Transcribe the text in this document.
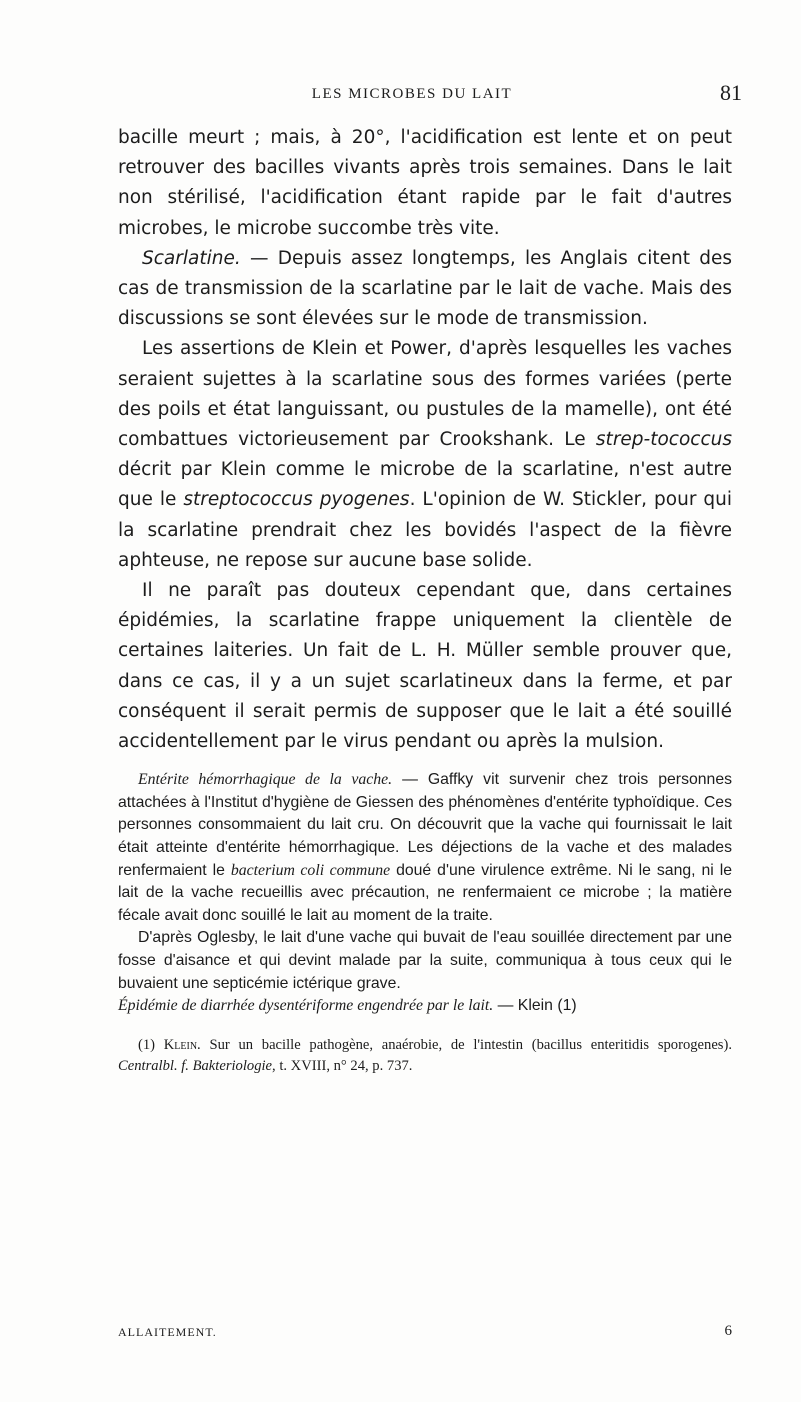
LES MICROBES DU LAIT	81

bacille meurt ; mais, à 20°, l'acidification est lente et on peut retrouver des bacilles vivants après trois semaines. Dans le lait non stérilisé, l'acidification étant rapide par le fait d'autres microbes, le microbe succombe très vite.

Scarlatine. — Depuis assez longtemps, les Anglais citent des cas de transmission de la scarlatine par le lait de vache. Mais des discussions se sont élevées sur le mode de transmission.

Les assertions de Klein et Power, d'après lesquelles les vaches seraient sujettes à la scarlatine sous des formes variées (perte des poils et état languissant, ou pustules de la mamelle), ont été combattues victorieusement par Crookshank. Le strep-tococcus décrit par Klein comme le microbe de la scarlatine, n'est autre que le streptococcus pyogenes. L'opinion de W. Stickler, pour qui la scarlatine prendrait chez les bovidés l'aspect de la fièvre aphteuse, ne repose sur aucune base solide.

Il ne paraît pas douteux cependant que, dans certaines épidémies, la scarlatine frappe uniquement la clientèle de certaines laiteries. Un fait de L. H. Müller semble prouver que, dans ce cas, il y a un sujet scarlatineux dans la ferme, et par conséquent il serait permis de supposer que le lait a été souillé accidentellement par le virus pendant ou après la mulsion.

Entérite hémorrhagique de la vache. — Gaffky vit survenir chez trois personnes attachées à l'Institut d'hygiène de Giessen des phénomènes d'entérite typhoïdique. Ces personnes consommaient du lait cru. On découvrit que la vache qui fournissait le lait était atteinte d'entérite hémorrhagique. Les déjections de la vache et des malades renfermaient le bacterium coli commune doué d'une virulence extrême. Ni le sang, ni le lait de la vache recueillis avec précaution, ne renfermaient ce microbe ; la matière fécale avait donc souillé le lait au moment de la traite.

D'après Oglesby, le lait d'une vache qui buvait de l'eau souillée directement par une fosse d'aisance et qui devint malade par la suite, communiqua à tous ceux qui le buvaient une septicémie ictérique grave.
Épidémie de diarrhée dysentériforme engendrée par le lait. — Klein (1)

(1) Klein. Sur un bacille pathogène, anaérobie, de l'intestin (bacillus enteritidis sporogenes). Centralbl. f. Bakteriologie, t. XVIII, n° 24, p. 737.

ALLAITEMENT.	6
